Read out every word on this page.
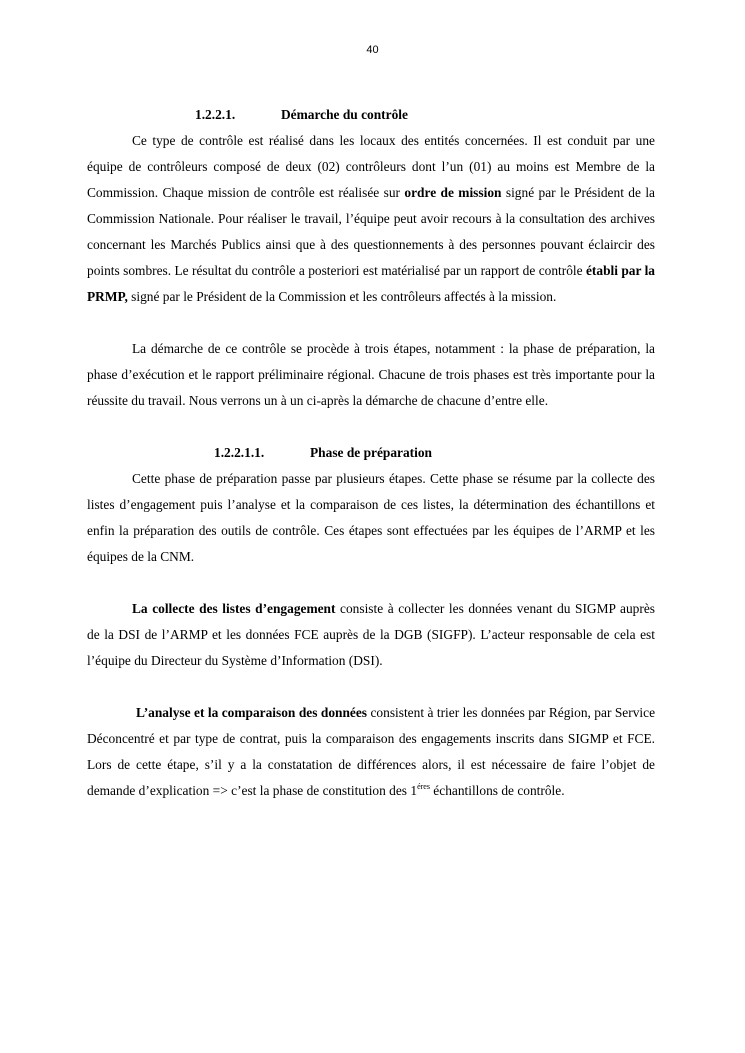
40
1.2.2.1.	Démarche du contrôle

Ce type de contrôle est réalisé dans les locaux des entités concernées. Il est conduit par une équipe de contrôleurs composé de deux (02) contrôleurs dont l’un (01) au moins est Membre de la Commission. Chaque mission de contrôle est réalisée sur ordre de mission signé par le Président de la Commission Nationale. Pour réaliser le travail, l’équipe peut avoir recours à la consultation des archives concernant les Marchés Publics ainsi que à des questionnements à des personnes pouvant éclaircir des points sombres. Le résultat du contrôle a posteriori est matérialisé par un rapport de contrôle établi par la PRMP, signé par le Président de la Commission et les contrôleurs affectés à la mission.

La démarche de ce contrôle se procède à trois étapes, notamment : la phase de préparation, la phase d’exécution et le rapport préliminaire régional. Chacune de trois phases est très importante pour la réussite du travail. Nous verrons un à un ci-après la démarche de chacune d’entre elle.

1.2.2.1.1.	Phase de préparation

Cette phase de préparation passe par plusieurs étapes. Cette phase se résume par la collecte des listes d’engagement puis l’analyse et la comparaison de ces listes, la détermination des échantillons et enfin la préparation des outils de contrôle. Ces étapes sont effectuées par les équipes de l’ARMP et les équipes de la CNM.

La collecte des listes d’engagement consiste à collecter les données venant du SIGMP auprès de la DSI de l’ARMP et les données FCE auprès de la DGB (SIGFP). L’acteur responsable de cela est l’équipe du Directeur du Système d’Information (DSI).

L’analyse et la comparaison des données consistent à trier les données par Région, par Service Déconcentré et par type de contrat, puis la comparaison des engagements inscrits dans SIGMP et FCE. Lors de cette étape, s’il y a la constatation de différences alors, il est nécessaire de faire l’objet de demande d’explication => c’est la phase de constitution des $1^{éres}$ échantillons de contrôle.
